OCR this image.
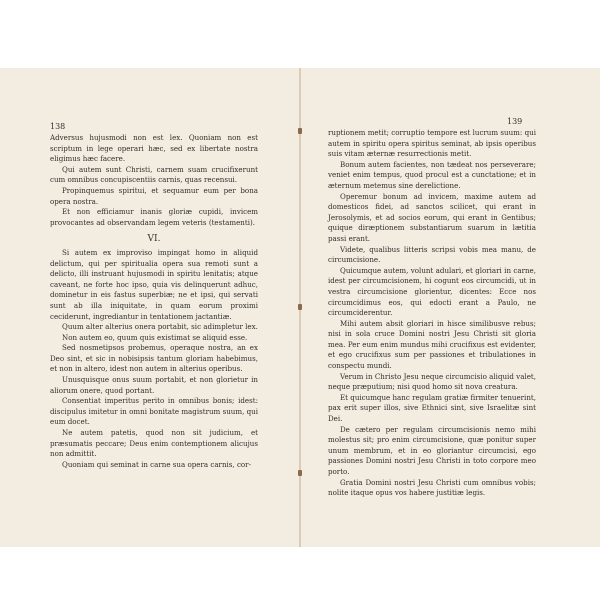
138
139

Adversus hujusmodi non est lex. Quoniam non est scriptum in lege operari hæc, sed ex libertate nostra eligimus hæc facere.

Qui autem sunt Christi, carnem suam crucifixerunt cum omnibus concupiscentiis carnis, quas recensui.

Propinquemus spiritui, et sequamur eum per bona opera nostra.

Et non efficiamur inanis gloriæ cupidi, invicem provocantes ad observandam legem veteris (testamenti).

VI.

Si autem ex improviso impingat homo in aliquid delictum, qui per spiritualia opera sua remoti sunt a delicto, illi instruant hujusmodi in spiritu lenitatis; atque caveant, ne forte hoc ipso, quia vis delinquerunt adhuc, dominetur in eis fastus superbiæ; ne et ipsi, qui servati sunt ab illa iniquitate, in quam eorum proximi ceciderunt, ingrediantur in tentationem jactantiæ.

Quum alter alterius onera portabit, sic adimpletur lex.

Non autem eo, quum quis existimat se aliquid esse.

Sed nosmetipsos probemus, operaque nostra, an ex Deo sint, et sic in nobisipsis tantum gloriam habebimus, et non in altero, idest non autem in alterius operibus.

Unusquisque onus suum portabit, et non glorietur in aliorum onere, quod portant.

Consentiat imperitus perito in omnibus bonis; idest: discipulus imitetur in omni bonitate magistrum suum, qui eum docet.

Ne autem patetis, quod non sit judicium, et præsumatis peccare; Deus enim contemptionem alicujus non admittit.

Quoniam qui seminat in carne sua opera carnis, cor-

ruptionem metit; corruptio tempore est lucrum suum: qui autem in spiritu opera spiritus seminat, ab ipsis operibus suis vitam æternæ resurrectionis metit.

Bonum autem facientes, non tædeat nos perseverare; veniet enim tempus, quod procul est a cunctatione; et in æternum metemus sine derelictione.

Operemur bonum ad invicem, maxime autem ad domesticos fidei, ad sanctos scilicet, qui erant in Jerosolymis, et ad socios eorum, qui erant in Gentibus; quique diræptionem substantiarum suarum in lætitia passi erant.

Videte, qualibus litteris scripsi vobis mea manu, de circumcisione.

Quicumque autem, volunt adulari, et gloriari in carne, idest per circumcisionem, hi cogunt eos circumcidi, ut in vestra circumcisione glorientur, dicentes: Ecce nos circumcidimus eos, qui edocti erant a Paulo, ne circumciderentur.

Mihi autem absit gloriari in hisce similibusve rebus; nisi in sola cruce Domini nostri Jesu Christi sit gloria mea. Per eum enim mundus mihi crucifixus est evidenter, et ego crucifixus sum per passiones et tribulationes in conspectu mundi.

Verum in Christo Jesu neque circumcisio aliquid valet, neque præputium; nisi quod homo sit nova creatura.

Et quicumque hanc regulam gratiæ firmiter tenuerint, pax erit super illos, sive Ethnici sint, sive Israelitæ sint Dei.

De cætero per regulam circumcisionis nemo mihi molestus sit; pro enim circumcisione, quæ ponitur super unum membrum, et in eo gloriantur circumcisi, ego passiones Domini nostri Jesu Christi in toto corpore meo porto.

Gratia Domini nostri Jesu Christi cum omnibus vobis; nolite itaque opus vos habere justitiæ legis.
